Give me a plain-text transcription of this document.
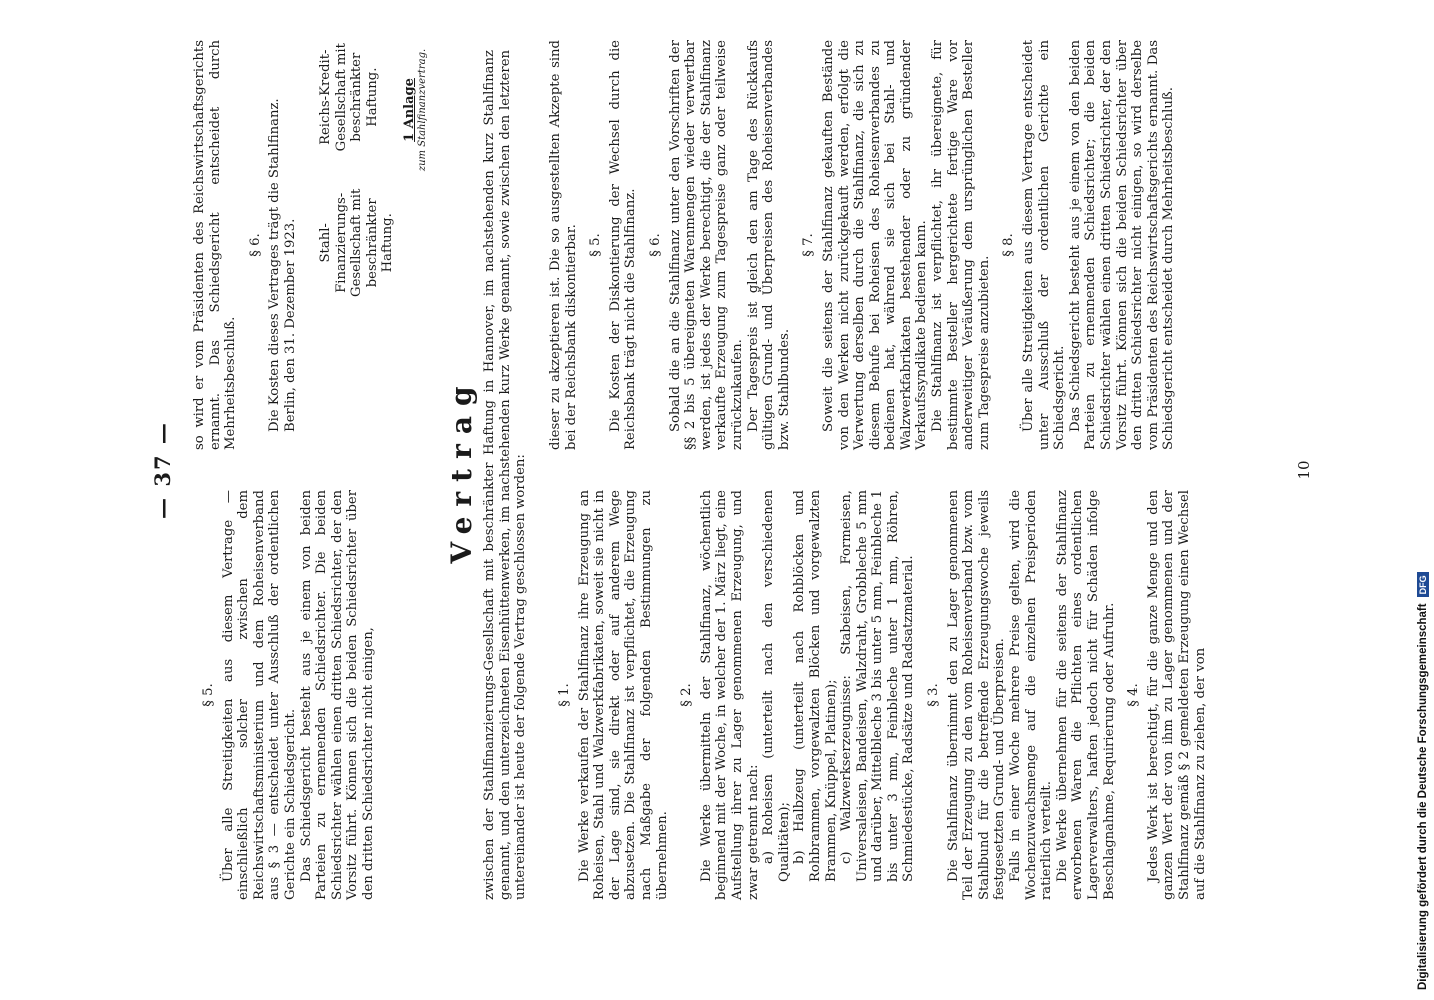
— 37 —
§ 5. Über alle Streitigkeiten aus diesem Vertrage — einschließlich solcher zwischen dem Reichswirtschaftsministerium und dem Roheisenverband aus § 3 — entscheidet unter Ausschluß der ordentlichen Gerichte ein Schiedsgericht. Das Schiedsgericht besteht aus je einem von beiden Parteien zu ernennenden Schiedsrichter. Die beiden Schiedsrichter wählen einen dritten Schiedsrichter, der den Vorsitz führt. Können sich die beiden Schiedsrichter über den dritten Schiedsrichter nicht einigen,

so wird er vom Präsidenten des Reichswirtschaftsgerichts ernannt. Das Schiedsgericht entscheidet durch Mehrheitsbeschluß.

§ 6. Die Kosten dieses Vertrages trägt die Stahlfinanz. Berlin, den 31. Dezember 1923. Stahl-Finanzierungs-Gesellschaft mit beschränkter Haftung.
Reichs-Kredit-Gesellschaft mit beschränkter Haftung.	1 Anlage zum Stahlfinanzvertrag.
Vertrag zwischen der Stahlfinanzierungs-Gesellschaft mit beschränkter Haftung in Hannover, im nachstehenden kurz Stahlfinanz genannt, und den unterzeichneten Eisenhüttenwerken, im nachstehenden kurz Werke genannt, sowie zwischen den letzteren untereinander ist heute der folgende Vertrag geschlossen worden: § 1. Die Werke verkaufen der Stahlfinanz ihre Erzeugung an Roheisen, Stahl und Walzwerkfabrikaten, soweit sie nicht in der Lage sind, sie direkt oder auf anderem Wege abzusetzen. Die Stahlfinanz ist verpflichtet, die Erzeugung nach Maßgabe der folgenden Bestimmungen zu übernehmen.

§ 2. Die Werke übermitteln der Stahlfinanz, wöchentlich beginnend mit der Woche, in welcher der 1. März liegt, eine Aufstellung ihrer zu Lager genommenen Erzeugung, und zwar getrennt nach: a) Roheisen (unterteilt nach den verschiedenen Qualitäten); b) Halbzeug (unterteilt nach Rohblöcken und Rohbrammen, vorgewalzten Blöcken und vorgewalzten Brammen, Knüppel, Platinen); c) Walzwerkserzeugnisse: Stabeisen, Formeisen, Universaleisen, Bandeisen, Walzdraht, Grobbleche 5 mm und darüber, Mittelbleche 3 bis unter 5 mm, Feinbleche 1 bis unter 3 mm, Feinbleche unter 1 mm, Röhren, Schmiedestücke, Radsätze und Radsatzmaterial. § 3. Die Stahlfinanz übernimmt den zu Lager genommenen Teil der Erzeugung zu den vom Roheisenverband bzw. vom Stahlbund für die betreffende Erzeugungswoche jeweils festgesetzten Grund- und Überpreisen. Falls in einer Woche mehrere Preise gelten, wird die Wochenzuwachsmenge auf die einzelnen Preisperioden ratierlich verteilt. Die Werke übernehmen für die seitens der Stahlfinanz erworbenen Waren die Pflichten eines ordentlichen Lagerverwalters, haften jedoch nicht für Schäden infolge Beschlagnahme, Requirierung oder Aufruhr. § 4. Jedes Werk ist berechtigt, für die ganze Menge und den ganzen Wert der von ihm zu Lager genommenen und der Stahlfinanz gemäß § 2 gemeldeten Erzeugung einen Wechsel auf die Stahlfinanz zu ziehen, der von

dieser zu akzeptieren ist. Die so ausgestellten Akzepte sind bei der Reichsbank diskontierbar. § 5. Die Kosten der Diskontierung der Wechsel durch die Reichsbank trägt nicht die Stahlfinanz. § 6. Sobald die an die Stahlfinanz unter den Vorschriften der §§ 2 bis 5 übereigneten Warenmengen wieder verwertbar werden, ist jedes der Werke berechtigt, die der Stahlfinanz verkaufte Erzeugung zum Tagespreise ganz oder teilweise zurückzukaufen. Der Tagespreis ist gleich den am Tage des Rückkaufs gültigen Grund- und Überpreisen des Roheisenverbandes bzw. Stahlbundes.

§ 7. Soweit die seitens der Stahlfinanz gekauften Bestände von den Werken nicht zurückgekauft werden, erfolgt die Verwertung derselben durch die Stahlfinanz, die sich zu diesem Behufe bei Roheisen des Roheisenverbandes zu bedienen hat, während sie sich bei Stahl- und Walzwerkfabrikaten bestehender oder zu gründender Verkaufssyndikate bedienen kann. Die Stahlfinanz ist verpflichtet, ihr übereignete, für bestimmte Besteller hergerichtete fertige Ware vor anderweitiger Veräußerung dem ursprünglichen Besteller zum Tagespreise anzubieten.

§ 8. Über alle Streitigkeiten aus diesem Vertrage entscheidet unter Ausschluß der ordentlichen Gerichte ein Schiedsgericht. Das Schiedsgericht besteht aus je einem von den beiden Parteien zu ernennenden Schiedsrichter; die beiden Schiedsrichter wählen einen dritten Schiedsrichter, der den Vorsitz führt. Können sich die beiden Schiedsrichter über den dritten Schiedsrichter nicht einigen, so wird derselbe vom Präsidenten des Reichswirtschaftsgerichts ernannt. Das Schiedsgericht entscheidet durch Mehrheitsbeschluß.

10
Digitalisierung gefördert durch die Deutsche Forschungsgemeinschaft
DFG
